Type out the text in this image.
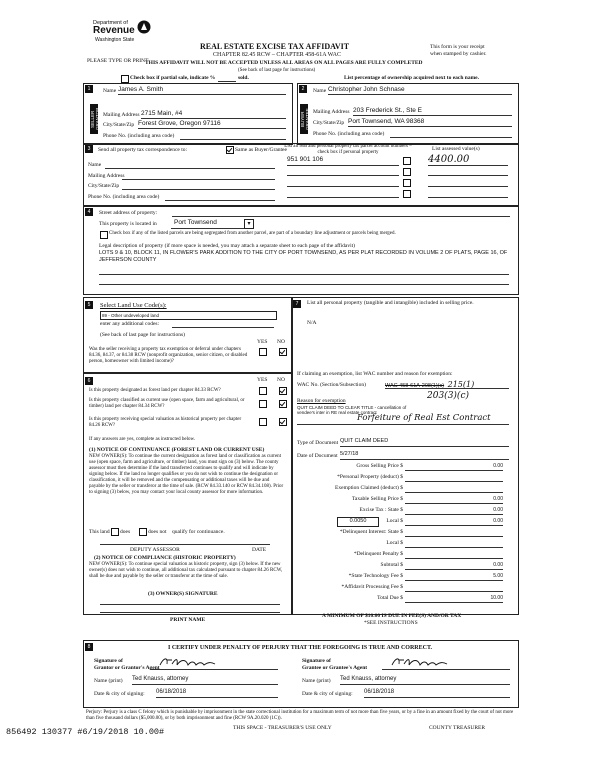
Department of
Revenue
Washington State
REAL ESTATE EXCISE TAX AFFIDAVIT
CHAPTER 82.45 RCW – CHAPTER 458-61A WAC
This form is your receipt
when stamped by cashier.
PLEASE TYPE OR PRINT
THIS AFFIDAVIT WILL NOT BE ACCEPTED UNLESS ALL AREAS ON ALL PAGES ARE FULLY COMPLETED
(See back of last page for instructions)
Check box if partial sale, indicate %	sold.	List percentage of ownership acquired next to each name.
1
SELLER GRANTOR
Name James A. Smith
Mailing Address 2715 Main, #4
City/State/Zip Forest Grove, Oregon 97116
Phone No. (including area code)
2
BUYER GRANTEE
Name Christopher John Schnase
Mailing Address 203 Frederick St., Ste E
City/State/Zip Port Townsend, WA 98368
Phone No. (including area code)
3	Send all property tax correspondence to:	Same as Buyer/Grantee
Name
Mailing Address
City/State/Zip
Phone No. (including area code)
List all real and personal property tax parcel account numbers – check box if personal property
List assessed value(s)
951 901 106	4400.00
4	Street address of property:
This property is located in	Port Townsend	▾
Check box if any of the listed parcels are being segregated from another parcel, are part of a boundary line adjustment or parcels being merged.
Legal description of property (if more space is needed, you may attach a separate sheet to each page of the affidavit)
LOTS 9 & 10, BLOCK 11, IN FLOWER'S PARK ADDITION TO THE CITY OF PORT TOWNSEND, AS PER PLAT RECORDED IN VOLUME 2 OF PLATS, PAGE 16, OF JEFFERSON COUNTY
5	Select Land Use Code(s):
89 - Other undeveloped land
enter any additional codes:
(See back of last page for instructions)
YES NO
Was the seller receiving a property tax exemption or deferral under chapters 84.36, 84.37, or 84.38 RCW (nonprofit organization, senior citizen, or disabled person, homeowner with limited income)?
6	YES NO
Is this property designated as forest land per chapter 84.33 RCW?
Is this property classified as current use (open space, farm and agricultural, or timber) land per chapter 84.34 RCW?
Is this property receiving special valuation as historical property per chapter 84.26 RCW?
If any answers are yes, complete as instructed below.
(1) NOTICE OF CONTINUANCE (FOREST LAND OR CURRENT USE)
NEW OWNER(S): To continue the current designation as forest land or classification as current use (open space, farm and agriculture, or timber) land, you must sign on (3) below. The county assessor must then determine if the land transferred continues to qualify and will indicate by signing below. If the land no longer qualifies or you do not wish to continue the designation or classification, it will be removed and the compensating or additional taxes will be due and payable by the seller or transferor at the time of sale. (RCW 84.33.140 or RCW 84.34.108). Prior to signing (3) below, you may contact your local county assessor for more information.
This land does	does not qualify for continuance.
DEPUTY ASSESSOR	DATE
(2) NOTICE OF COMPLIANCE (HISTORIC PROPERTY)
NEW OWNER(S): To continue special valuation as historic property, sign (3) below. If the new owner(s) does not wish to continue, all additional tax calculated pursuant to chapter 84.26 RCW, shall be due and payable by the seller or transferor at the time of sale.
(3) OWNER(S) SIGNATURE
PRINT NAME
7	List all personal property (tangible and intangible) included in selling price.
N/A
If claiming an exemption, list WAC number and reason for exemption:
WAC No. (Section/Subsection)	WAC 458-61A-208(1)(c) 215(1)
203(3)(c)
Reason for exemption
QUIT CLAIM DEED TO CLEAR TITLE - cancellation of vendee's inter in RE real estate contract
Forfeiture of Real Est Contract
Type of Document QUIT CLAIM DEED
Date of Document 5/27/18
Gross Selling Price $	0.00
*Personal Property (deduct) $
Exemption Claimed (deduct) $
Taxable Selling Price $	0.00
Excise Tax : State $	0.00
0.0050	Local $	0.00
*Delinquent Interest: State $
Local $
*Delinquent Penalty $
Subtotal $	0.00
*State Technology Fee $	5.00
*Affidavit Processing Fee $
Total Due $	10.00
A MINIMUM OF $10.00 IS DUE IN FEE(S) AND/OR TAX
*SEE INSTRUCTIONS
8	I CERTIFY UNDER PENALTY OF PERJURY THAT THE FOREGOING IS TRUE AND CORRECT.
Signature of
Grantor or Grantor's Agent
Signature of
Grantee or Grantee's Agent
Name (print) Ted Knauss, attorney	Name (print) Ted Knauss, attorney
Date & city of signing: 06/18/2018	Date & city of signing: 06/18/2018
Perjury: Perjury is a class C felony which is punishable by imprisonment in the state correctional institution for a maximum term of not more than five years, or by a fine in an amount fixed by the court of not more than five thousand dollars ($5,000.00), or by both imprisonment and fine (RCW 9A.20.020 (1C)).
856492 130377 #6/19/2018 10.00#	THIS SPACE - TREASURER'S USE ONLY	COUNTY TREASURER
